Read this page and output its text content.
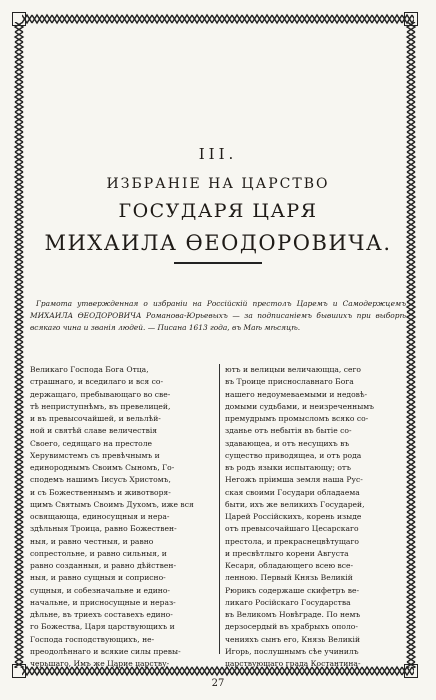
III.
ИЗБРАНІЕ НА ЦАРСТВО
ГОСУДАРЯ ЦАРЯ
МИХАИЛА ѲЕОДОРОВИЧА.
Грамота утвержденная о избраніи на Россійскій престолъ Царемъ и Самодержцемъ МИХАИЛА ѲЕОДОРОВИЧА Романова-Юрьевыхъ — за подписаніемъ бывшихъ при выборѣ всякаго чина и званія людей. — Писана 1613 года, въ Маѣ мѣсяцѣ.
Великаго Господа Бога Отца,
страшнаго, и вседилаго и вся со-
держащаго, пребывающаго во све-
тѣ неприступнѣмъ, въ превелицей,
и въ превысочайшей, и вельлѣй-
ной и святѣй славе величествія
Своего, седящаго на престоле
Херувимстемъ съ превѣчнымъ и
единороднымъ Своимъ Сыномъ, Го-
сподемъ нашимъ Іисусъ Христомъ,
и съ Божественнымъ и животворя-
щимъ Святымъ Своимъ Духомъ, иже вся
освящающа, единосущныя и нера-
здѣльныя Троица, равно Божествен-
ныя, и равно честныя, и равно
сопрестольне, и равно сильныя, и
равно созданныя, и равно дѣйствен-
ныя, и равно сущныя и соприсно-
сущныя, и собезначальне и едино-
начальне, и присносущные и нераз-
дѣльне, въ триехъ составехъ едино-
го Божества, Царя царствующихъ и
Господа господствующихъ, не-
преодолѣннаго и всякие силы превы-
черьшаго, Имъ же Царие царству-
ютъ и велицыи величающца, сего
въ Троице приснославнаго Бога
нашего недоумеваемыми и недовѣ-
домыми судьбами, и неизреченнымъ
премудрымъ промысломъ всяко со-
зданье отъ небытія въ бытіе со-
здавающеа, и отъ несущихъ въ
существо приводящеа, и отъ рода
въ родъ языки испытающу; отъ
Негожъ пріимша земля наша Рус-
ская своими Государи обладаема
быти, ихъ же великихъ Государей,
Царей Россійскихъ, корень изыде
отъ превысочайшаго Цесарскаго
престола, и прекраснецвѣтущаго
и пресвѣтлыго корени Августа
Кесаря, обладающего всею все-
ленною. Первый Князь Великій
Рюрикъ содержаше скифетръ ве-
ликаго Російскаго Государства
въ Великомъ Новѣграде. По немъ
дерзосердый въ храбрыхъ ополо-
ченияхъ сынъ его, Князь Великій
Игорь, послушнымъ сѣе учинилъ
царствующаго града Костантина-
27
